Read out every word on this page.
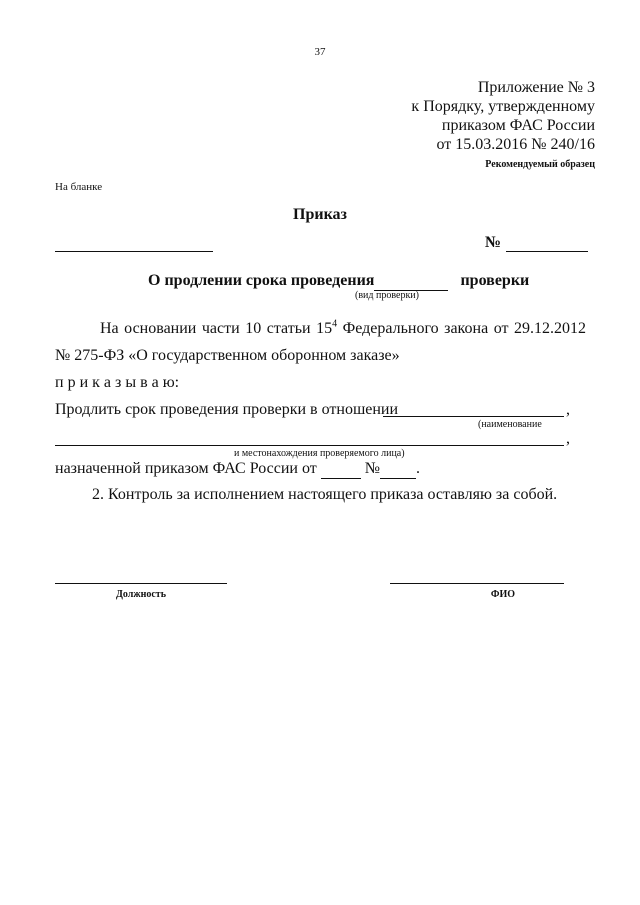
37
Приложение № 3
к Порядку, утвержденному
приказом ФАС России
от 15.03.2016 № 240/16
Рекомендуемый образец
На бланке
Приказ
№
О продлении срока проведения	проверки
(вид проверки)
На основании части 10 статьи $15^4$ Федерального закона от 29.12.2012
№ 275-ФЗ «О государственном оборонном заказе»
п р и к а з ы в а ю:
Продлить срок проведения проверки в отношении	,
(наименование
,
и местонахождения проверяемого лица)
назначенной приказом ФАС России от	№ .
2. Контроль за исполнением настоящего приказа оставляю за собой.
Должность	ФИО
